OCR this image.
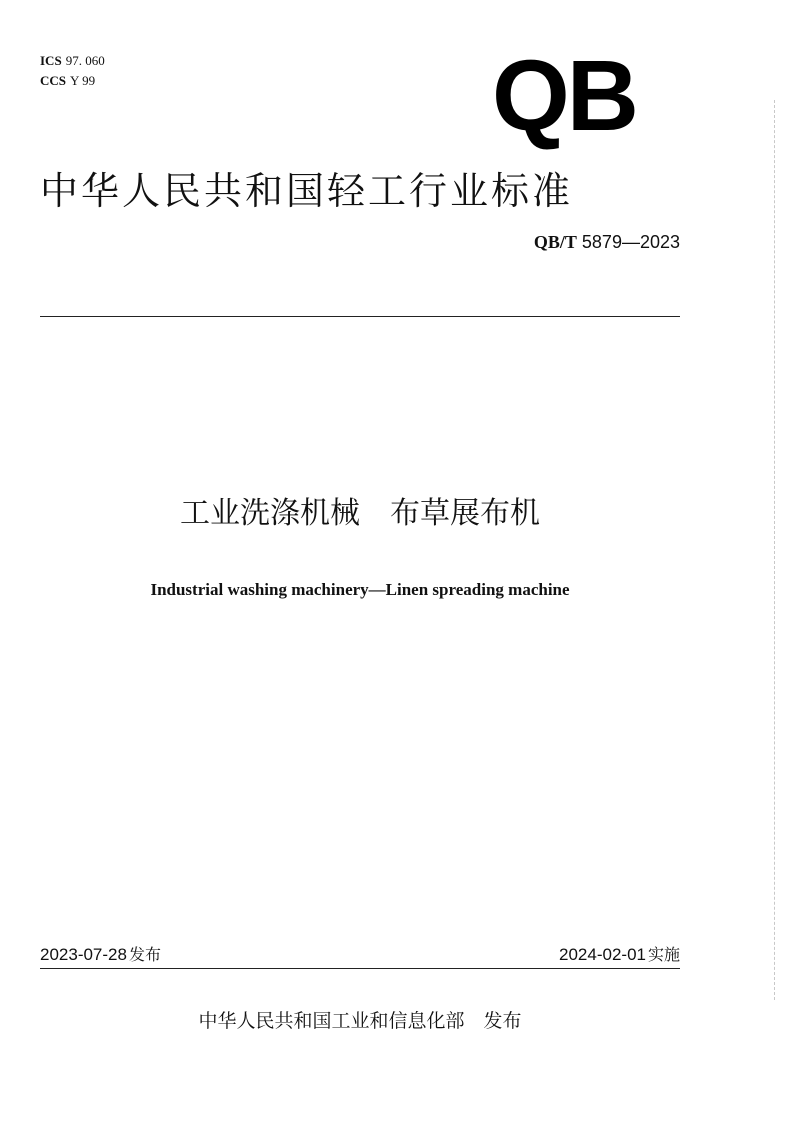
ICS 97. 060
CCS Y 99	QB
中华人民共和国轻工行业标准
QB/T 5879—2023
工业洗涤机械　布草展布机
Industrial washing machinery—Linen spreading machine
2023-07-28 发布	2024-02-01 实施
中华人民共和国工业和信息化部　发布
